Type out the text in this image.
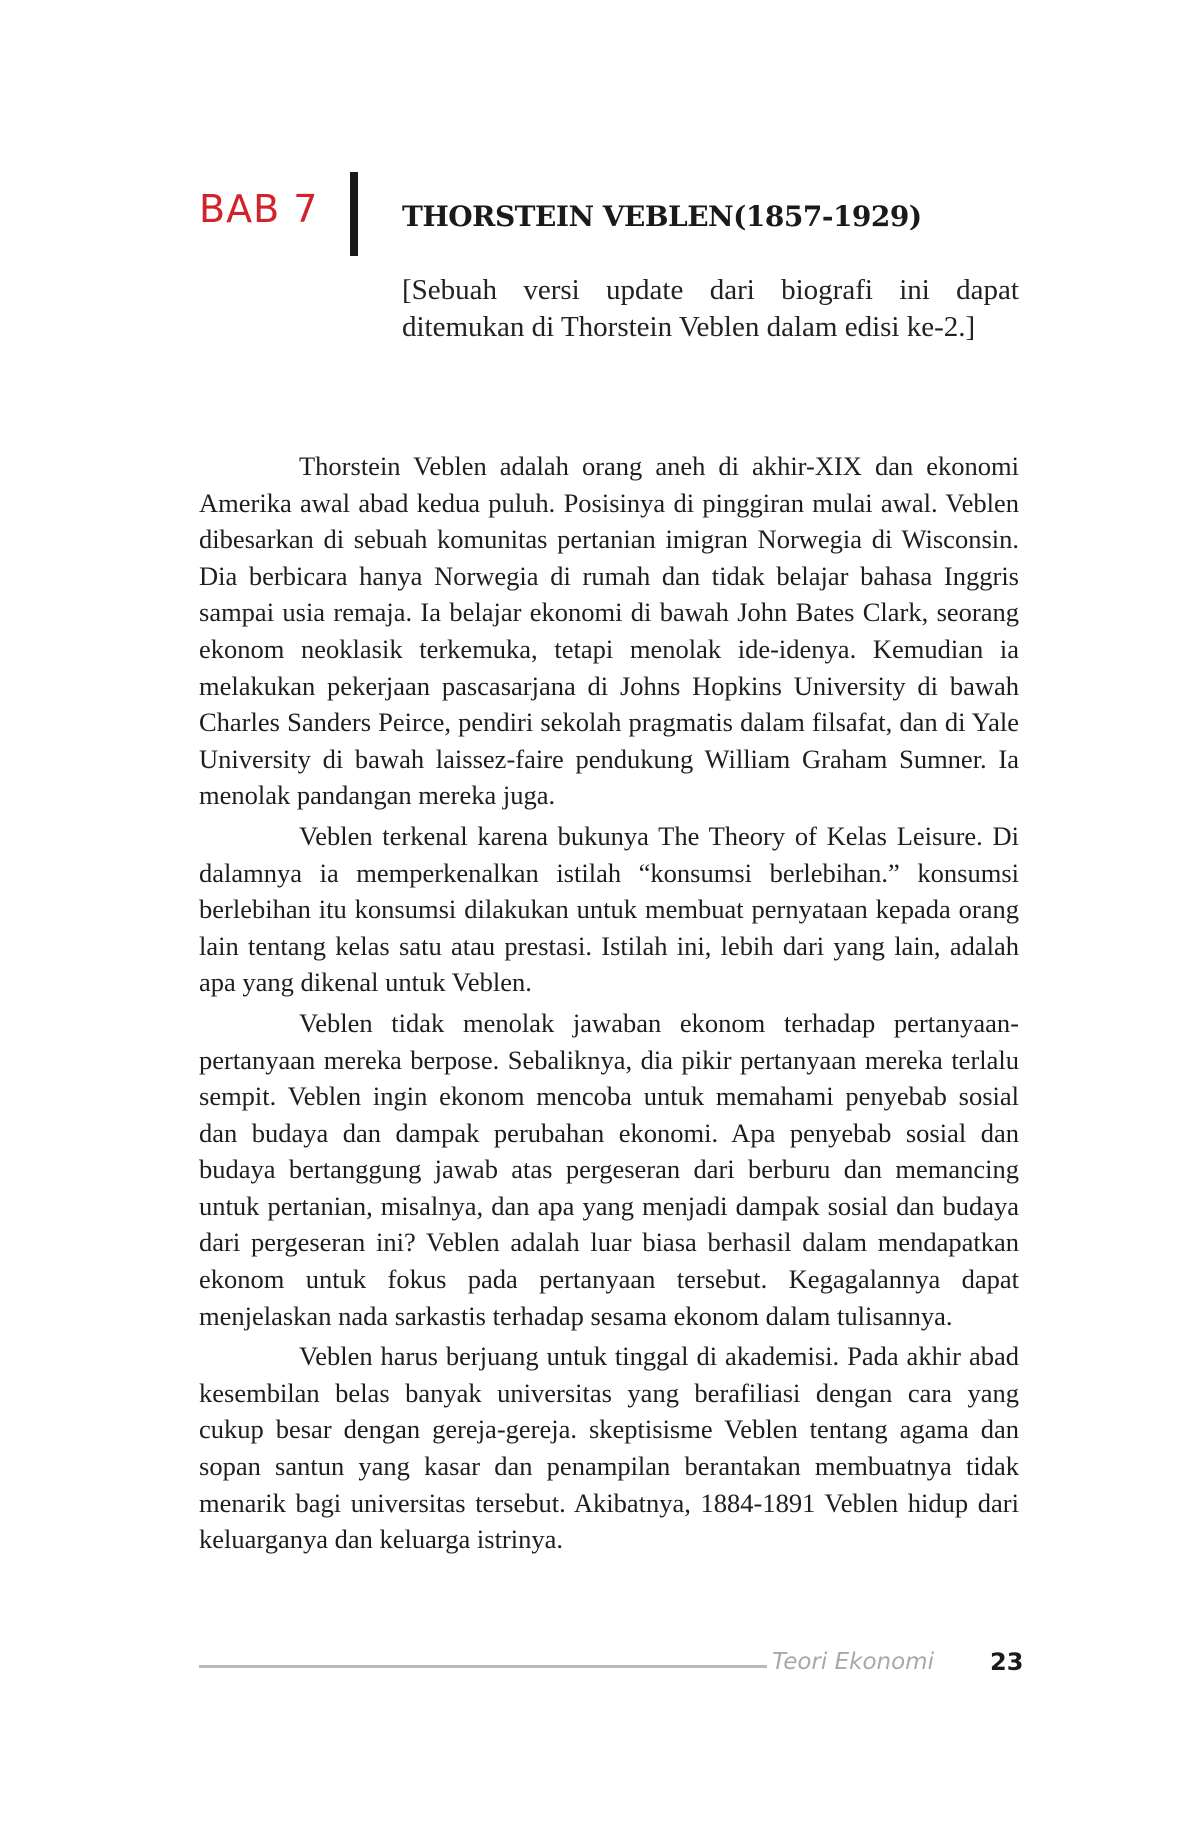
BAB 7	THORSTEIN VEBLEN(1857-1929)
[Sebuah versi update dari biografi ini dapat ditemukan di Thorstein Veblen dalam edisi ke-2.]

Thorstein Veblen adalah orang aneh di akhir-XIX dan ekonomi Amerika awal abad kedua puluh. Posisinya di pinggiran mulai awal. Veblen dibesarkan di sebuah komunitas pertanian imigran Norwegia di Wisconsin. Dia berbicara hanya Norwegia di rumah dan tidak belajar bahasa Inggris sampai usia remaja. Ia belajar ekonomi di bawah John Bates Clark, seorang ekonom neoklasik terkemuka, tetapi menolak ide-idenya. Kemudian ia melakukan pekerjaan pascasarjana di Johns Hopkins University di bawah Charles Sanders Peirce, pendiri sekolah pragmatis dalam filsafat, dan di Yale University di bawah laissez-faire pendukung William Graham Sumner. Ia menolak pandangan mereka juga.

Veblen terkenal karena bukunya The Theory of Kelas Leisure. Di dalamnya ia memperkenalkan istilah “konsumsi berlebihan.” konsumsi berlebihan itu konsumsi dilakukan untuk membuat pernyataan kepada orang lain tentang kelas satu atau prestasi. Istilah ini, lebih dari yang lain, adalah apa yang dikenal untuk Veblen.

Veblen tidak menolak jawaban ekonom terhadap pertanyaan-pertanyaan mereka berpose. Sebaliknya, dia pikir pertanyaan mereka terlalu sempit. Veblen ingin ekonom mencoba untuk memahami penyebab sosial dan budaya dan dampak perubahan ekonomi. Apa penyebab sosial dan budaya bertanggung jawab atas pergeseran dari berburu dan memancing untuk pertanian, misalnya, dan apa yang menjadi dampak sosial dan budaya dari pergeseran ini? Veblen adalah luar biasa berhasil dalam mendapatkan ekonom untuk fokus pada pertanyaan tersebut. Kegagalannya dapat menjelaskan nada sarkastis terhadap sesama ekonom dalam tulisannya.

Veblen harus berjuang untuk tinggal di akademisi. Pada akhir abad kesembilan belas banyak universitas yang berafiliasi dengan cara yang cukup besar dengan gereja-gereja. skeptisisme Veblen tentang agama dan sopan santun yang kasar dan penampilan berantakan membuatnya tidak menarik bagi universitas tersebut. Akibatnya, 1884-1891 Veblen hidup dari keluarganya dan keluarga istrinya.

Teori Ekonomi 23
